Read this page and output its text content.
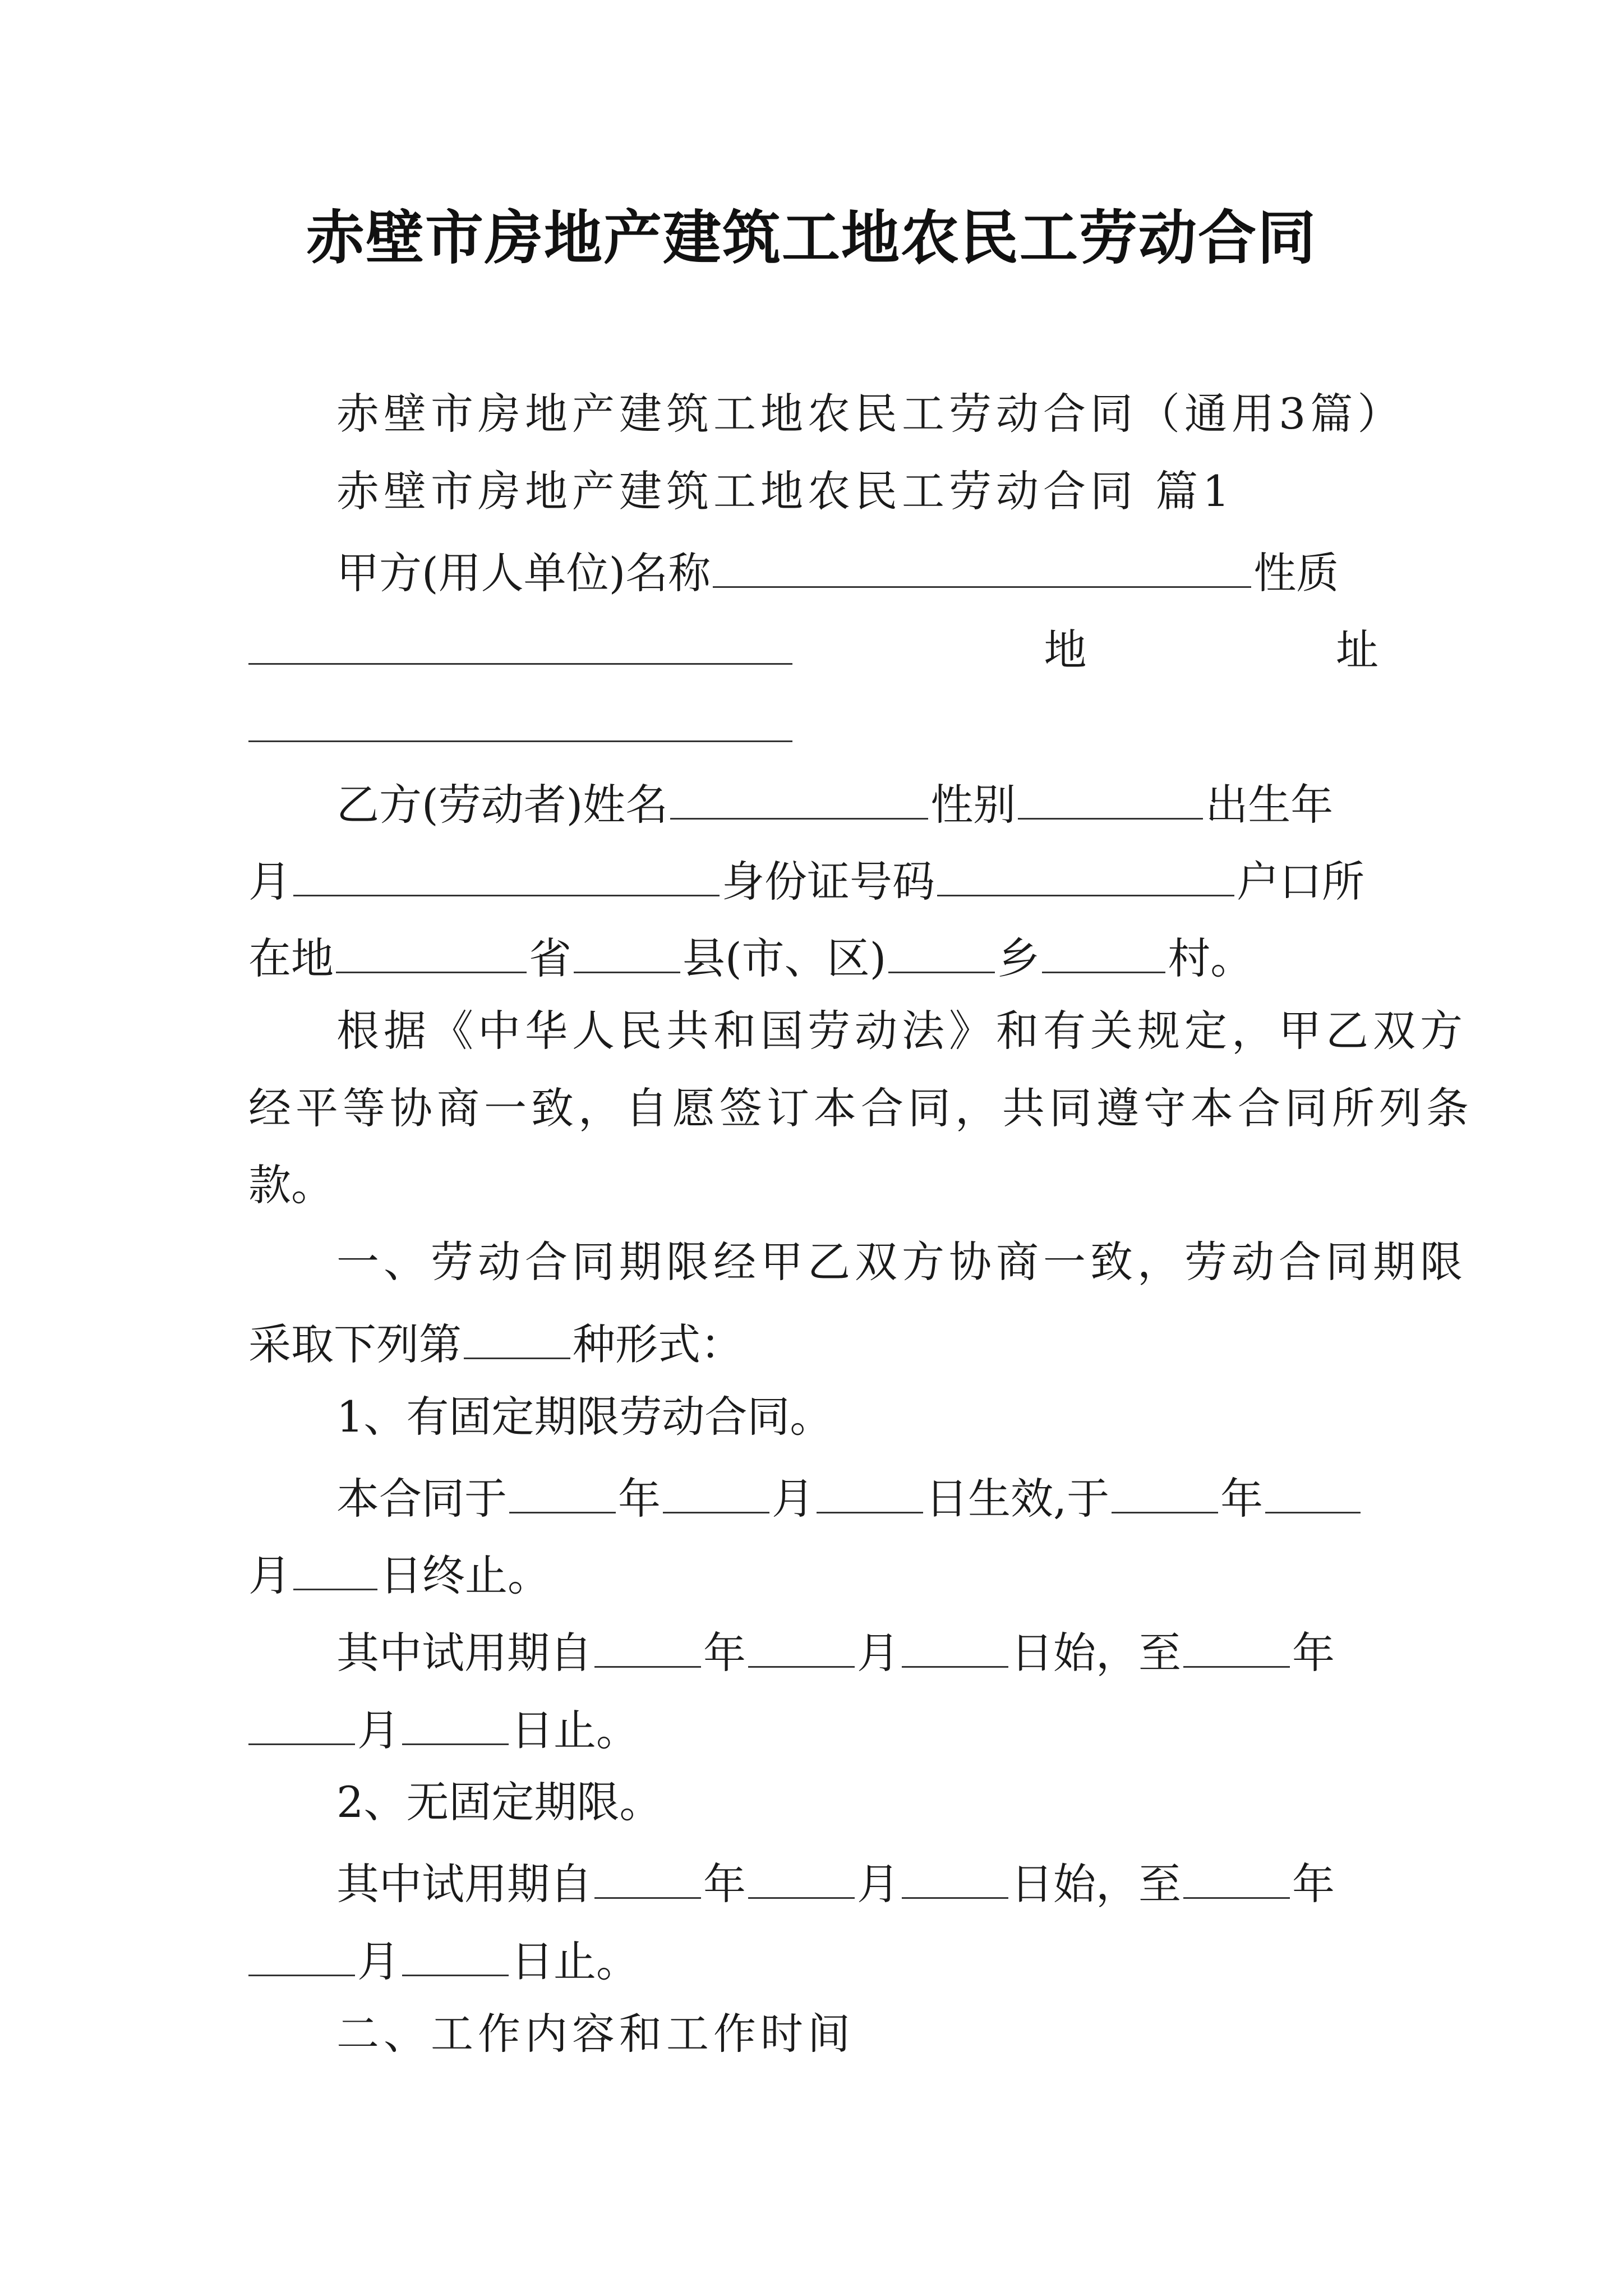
赤壁市房地产建筑工地农民工劳动合同
赤壁市房地产建筑工地农民工劳动合同（通用3篇）
赤壁市房地产建筑工地农民工劳动合同 篇1
甲方(用人单位)名称	性质
地	址
乙方(劳动者)姓名	性别	出生年
月	身份证号码	户口所
在地	省	县(市、区)	乡	村。
根据《中华人民共和国劳动法》和有关规定，甲乙双方
经平等协商一致，自愿签订本合同，共同遵守本合同所列条
款。
一、劳动合同期限经甲乙双方协商一致，劳动合同期限
采取下列第	种形式：
1、有固定期限劳动合同。
本合同于	年	月	日生效,于	年
月 日终止。
其中试用期自	年	月	日始，至	年
月	日止。
2、无固定期限。
其中试用期自	年	月	日始，至	年
月	日止。
二、工作内容和工作时间
